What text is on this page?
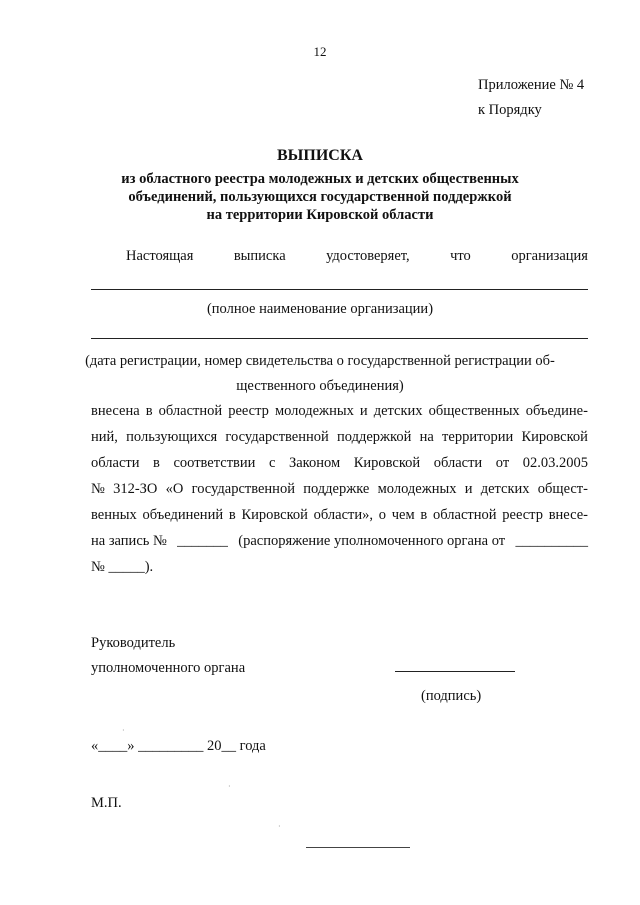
12
Приложение № 4
к Порядку
ВЫПИСКА
из областного реестра молодежных и детских общественных
объединений, пользующихся государственной поддержкой
на территории Кировской области
Настоящая	выписка	удостоверяет,	что	организация
(полное наименование организации)
(дата регистрации, номер свидетельства о государственной регистрации об-
щественного объединения)
внесена в областной реестр молодежных и детских общественных объедине-
ний, пользующихся государственной поддержкой на территории Кировской
области в соответствии с Законом Кировской области от 02.03.2005
№ 312-ЗО «О государственной поддержке молодежных и детских общест-
венных объединений в Кировской области», о чем в областной реестр внесе-
на запись № _______ (распоряжение уполномоченного органа от __________
№ _____).
Руководитель
уполномоченного органа
(подпись)
«____» _________ 20__ года
М.П.
·
·
·
